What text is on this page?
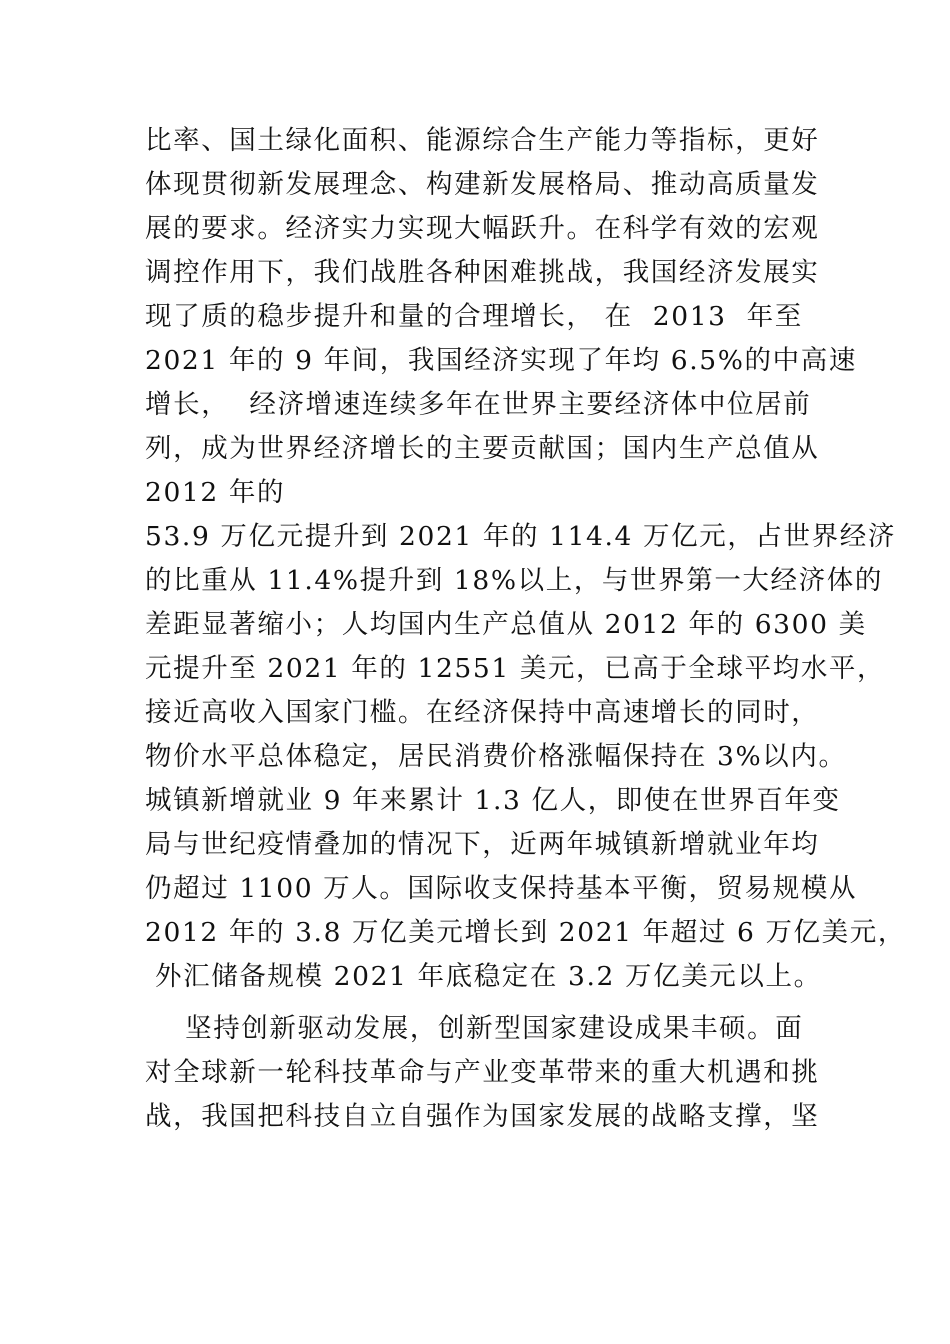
比率、国土绿化面积、能源综合生产能力等指标，更好
体现贯彻新发展理念、构建新发展格局、推动高质量发
展的要求。经济实力实现大幅跃升。在科学有效的宏观
调控作用下，我们战胜各种困难挑战，我国经济发展实
现了质的稳步提升和量的合理增长， 在  2013  年至
2021 年的 9 年间，我国经济实现了年均 6.5%的中高速
增长，  经济增速连续多年在世界主要经济体中位居前
列，成为世界经济增长的主要贡献国；国内生产总值从
2012 年的
53.9 万亿元提升到 2021 年的 114.4 万亿元，占世界经济
的比重从 11.4%提升到 18%以上，与世界第一大经济体的
差距显著缩小；人均国内生产总值从 2012 年的 6300 美
元提升至 2021 年的 12551 美元，已高于全球平均水平，
接近高收入国家门槛。在经济保持中高速增长的同时，
物价水平总体稳定，居民消费价格涨幅保持在 3%以内。
城镇新增就业 9 年来累计 1.3 亿人，即使在世界百年变
局与世纪疫情叠加的情况下，近两年城镇新增就业年均
仍超过 1100 万人。国际收支保持基本平衡，贸易规模从
2012 年的 3.8 万亿美元增长到 2021 年超过 6 万亿美元，
外汇储备规模 2021 年底稳定在 3.2 万亿美元以上。
坚持创新驱动发展，创新型国家建设成果丰硕。面
对全球新一轮科技革命与产业变革带来的重大机遇和挑
战，我国把科技自立自强作为国家发展的战略支撑，坚
